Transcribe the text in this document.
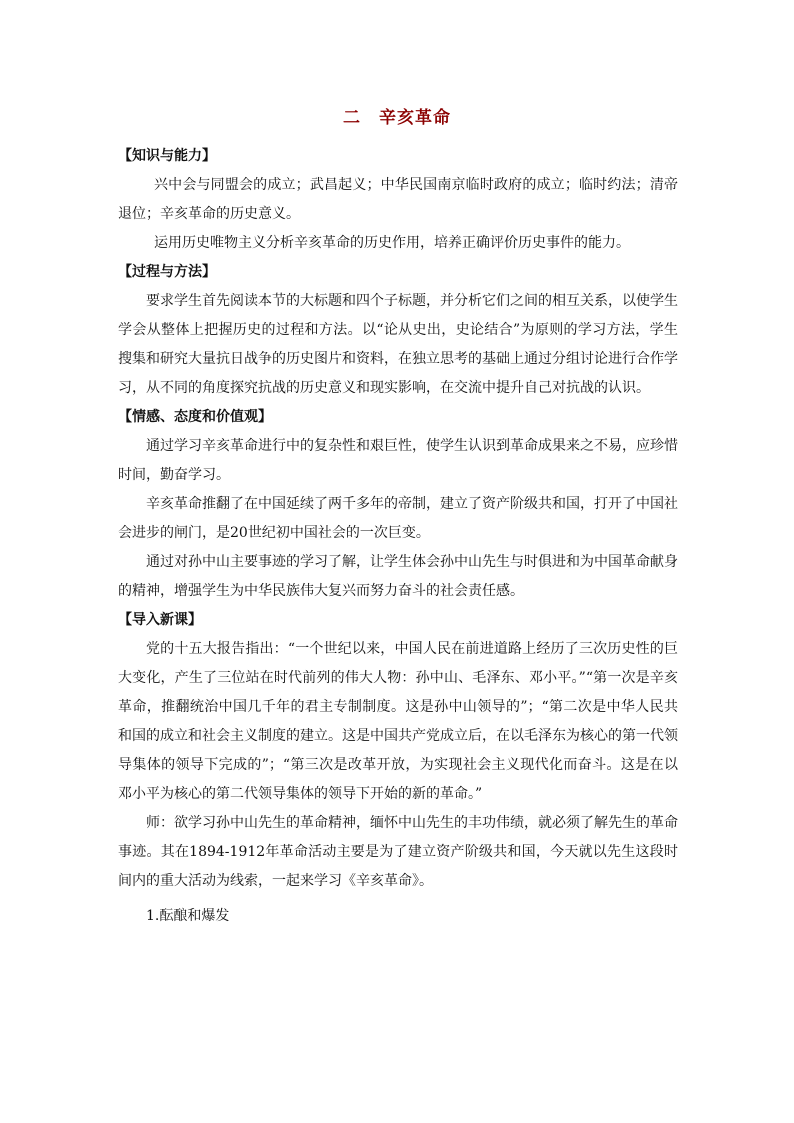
二　辛亥革命

【知识与能力】

兴中会与同盟会的成立；武昌起义；中华民国南京临时政府的成立；临时约法；清帝退位；辛亥革命的历史意义。

运用历史唯物主义分析辛亥革命的历史作用，培养正确评价历史事件的能力。

【过程与方法】

要求学生首先阅读本节的大标题和四个子标题，并分析它们之间的相互关系，以使学生学会从整体上把握历史的过程和方法。以“论从史出，史论结合”为原则的学习方法，学生搜集和研究大量抗日战争的历史图片和资料，在独立思考的基础上通过分组讨论进行合作学习，从不同的角度探究抗战的历史意义和现实影响，在交流中提升自己对抗战的认识。

【情感、态度和价值观】

通过学习辛亥革命进行中的复杂性和艰巨性，使学生认识到革命成果来之不易，应珍惜时间，勤奋学习。

辛亥革命推翻了在中国延续了两千多年的帝制，建立了资产阶级共和国，打开了中国社会进步的闸门，是20世纪初中国社会的一次巨变。

通过对孙中山主要事迹的学习了解，让学生体会孙中山先生与时俱进和为中国革命献身的精神，增强学生为中华民族伟大复兴而努力奋斗的社会责任感。

【导入新课】

党的十五大报告指出：“一个世纪以来，中国人民在前进道路上经历了三次历史性的巨大变化，产生了三位站在时代前列的伟大人物：孙中山、毛泽东、邓小平。”“第一次是辛亥革命，推翻统治中国几千年的君主专制制度。这是孙中山领导的”；“第二次是中华人民共和国的成立和社会主义制度的建立。这是中国共产党成立后，在以毛泽东为核心的第一代领导集体的领导下完成的”；“第三次是改革开放，为实现社会主义现代化而奋斗。这是在以邓小平为核心的第二代领导集体的领导下开始的新的革命。”

师：欲学习孙中山先生的革命精神，缅怀中山先生的丰功伟绩，就必须了解先生的革命事迹。其在1894-1912年革命活动主要是为了建立资产阶级共和国，今天就以先生这段时间内的重大活动为线索，一起来学习《辛亥革命》。

1.酝酿和爆发
